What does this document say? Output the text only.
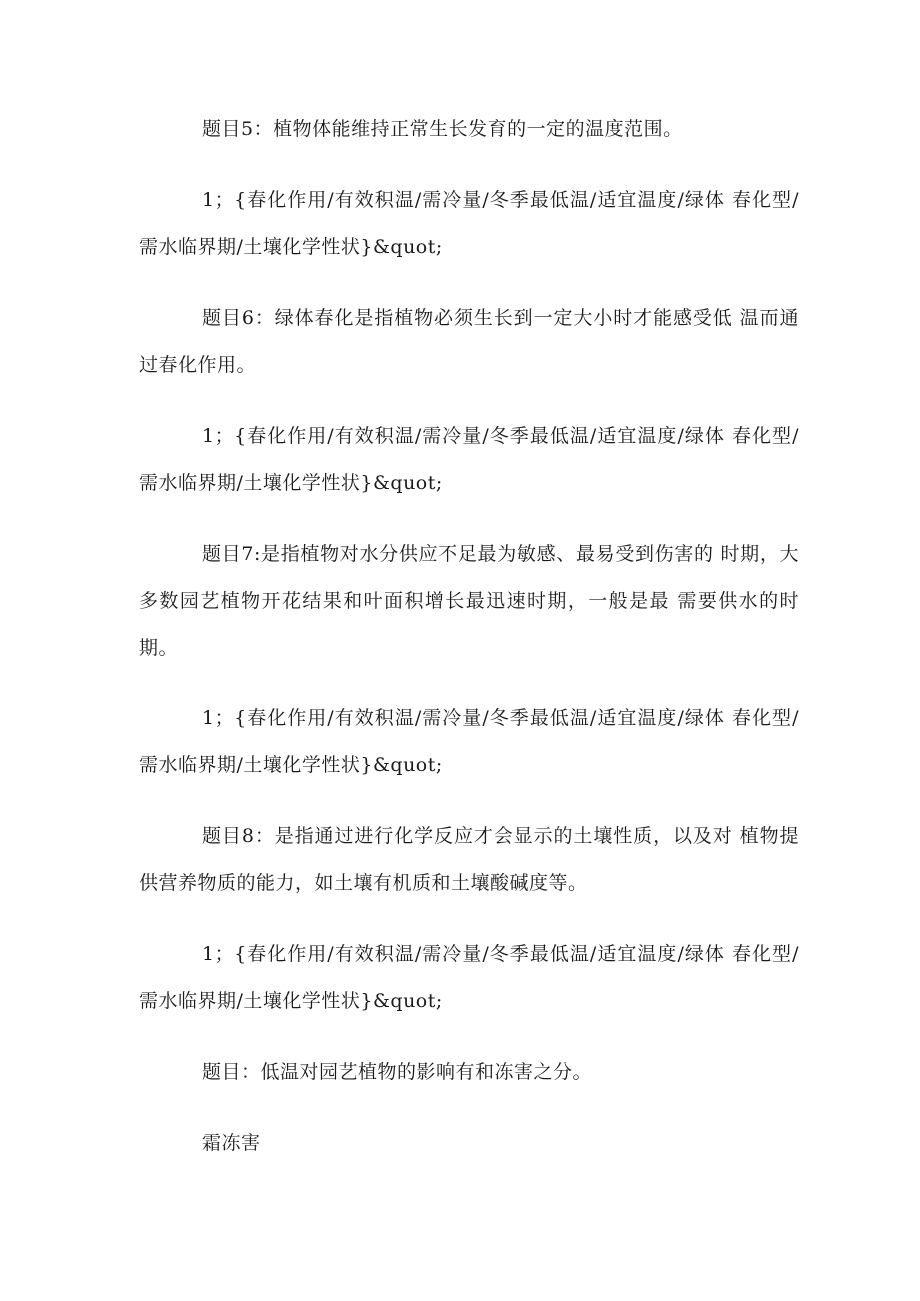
题目5：植物体能维持正常生长发育的一定的温度范围。

1；{春化作用/有效积温/需冷量/冬季最低温/适宜温度/绿体 春化型/需水临界期/土壤化学性状}&quot;

题目6：绿体春化是指植物必须生长到一定大小时才能感受低 温而通过春化作用。

1；{春化作用/有效积温/需冷量/冬季最低温/适宜温度/绿体 春化型/需水临界期/土壤化学性状}&quot;

题目7:是指植物对水分供应不足最为敏感、最易受到伤害的 时期，大多数园艺植物开花结果和叶面积增长最迅速时期，一般是最 需要供水的时期。

1；{春化作用/有效积温/需冷量/冬季最低温/适宜温度/绿体 春化型/需水临界期/土壤化学性状}&quot;

题目8：是指通过进行化学反应才会显示的土壤性质，以及对 植物提供营养物质的能力，如土壤有机质和土壤酸碱度等。

1；{春化作用/有效积温/需冷量/冬季最低温/适宜温度/绿体 春化型/需水临界期/土壤化学性状}&quot;

题目：低温对园艺植物的影响有和冻害之分。

霜冻害
